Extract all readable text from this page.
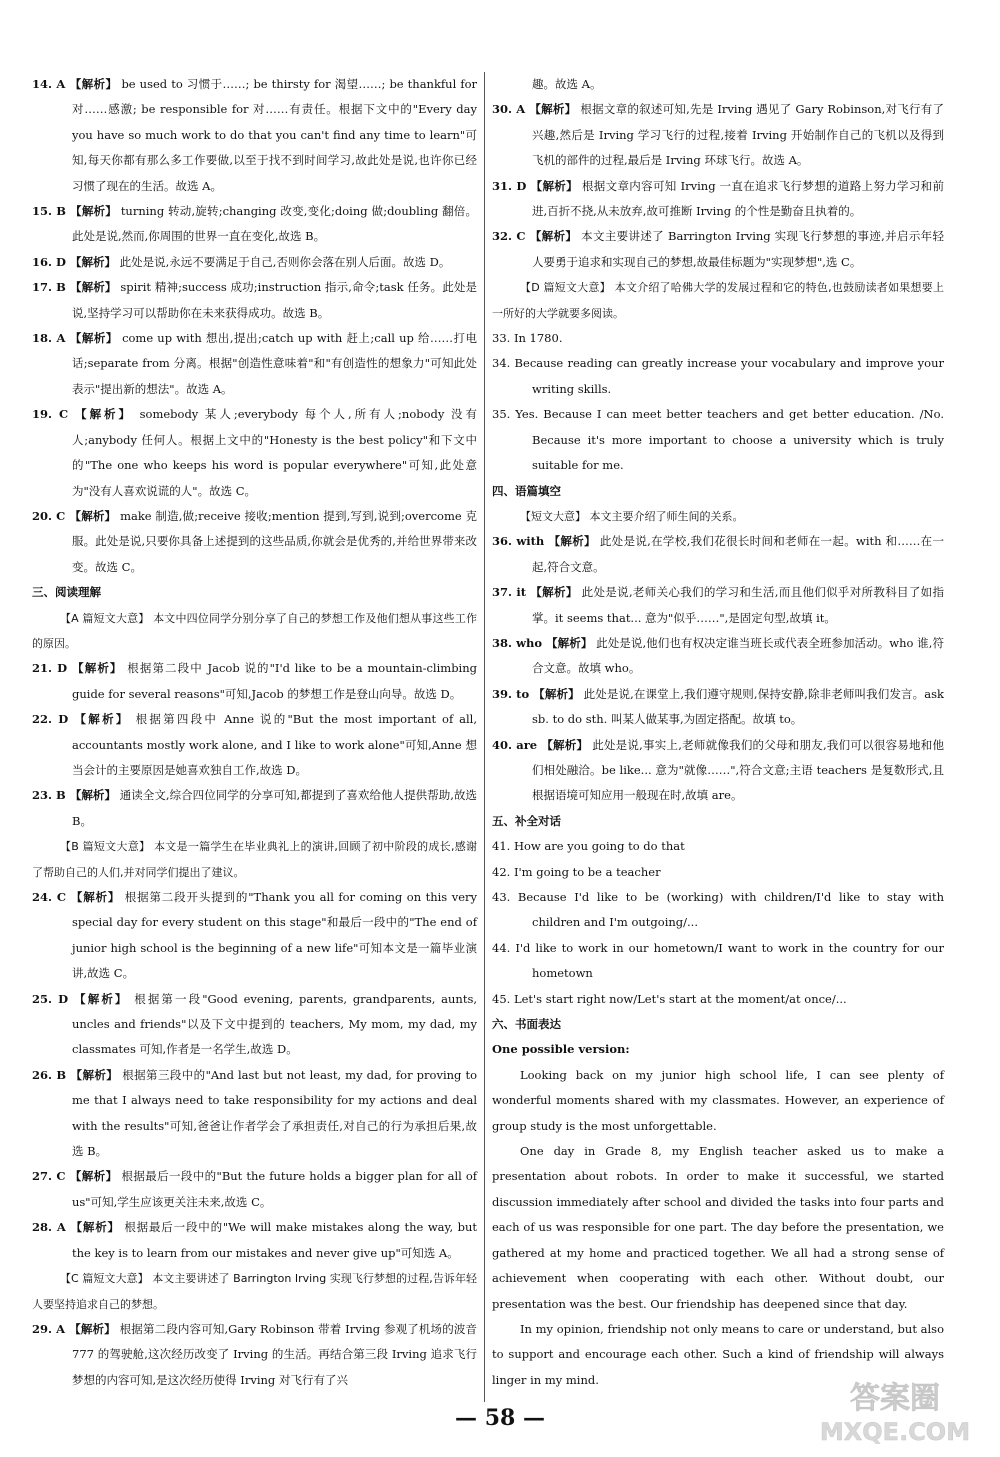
14. A 【解析】 be used to 习惯于……; be thirsty for 渴望……; be thankful for 对……感激; be responsible for 对……有责任。根据下文中的"Every day you have so much work to do that you can't find any time to learn"可知,每天你都有那么多工作要做,以至于找不到时间学习,故此处是说,也许你已经习惯了现在的生活。故选 A。

15. B 【解析】 turning 转动,旋转;changing 改变,变化;doing 做;doubling 翻倍。此处是说,然而,你周围的世界一直在变化,故选 B。

16. D 【解析】 此处是说,永远不要满足于自己,否则你会落在别人后面。故选 D。

17. B 【解析】 spirit 精神;success 成功;instruction 指示,命令;task 任务。此处是说,坚持学习可以帮助你在未来获得成功。故选 B。

18. A 【解析】 come up with 想出,提出;catch up with 赶上;call up 给……打电话;separate from 分离。根据"创造性意味着"和"有创造性的想象力"可知此处表示"提出新的想法"。故选 A。

19. C 【解析】 somebody 某人;everybody 每个人,所有人;nobody 没有人;anybody 任何人。根据上文中的"Honesty is the best policy"和下文中的"The one who keeps his word is popular everywhere"可知,此处意为"没有人喜欢说谎的人"。故选 C。

20. C 【解析】 make 制造,做;receive 接收;mention 提到,写到,说到;overcome 克服。此处是说,只要你具备上述提到的这些品质,你就会是优秀的,并给世界带来改变。故选 C。

三、阅读理解

【A 篇短文大意】 本文中四位同学分别分享了自己的梦想工作及他们想从事这些工作的原因。

21. D 【解析】 根据第二段中 Jacob 说的"I'd like to be a mountain-climbing guide for several reasons"可知,Jacob 的梦想工作是登山向导。故选 D。

22. D 【解析】 根据第四段中 Anne 说的"But the most important of all, accountants mostly work alone, and I like to work alone"可知,Anne 想当会计的主要原因是她喜欢独自工作,故选 D。

23. B 【解析】 通读全文,综合四位同学的分享可知,都提到了喜欢给他人提供帮助,故选 B。

【B 篇短文大意】 本文是一篇学生在毕业典礼上的演讲,回顾了初中阶段的成长,感谢了帮助自己的人们,并对同学们提出了建议。

24. C 【解析】 根据第二段开头提到的"Thank you all for coming on this very special day for every student on this stage"和最后一段中的"The end of junior high school is the beginning of a new life"可知本文是一篇毕业演讲,故选 C。

25. D 【解析】 根据第一段"Good evening, parents, grandparents, aunts, uncles and friends"以及下文中提到的 teachers, My mom, my dad, my classmates 可知,作者是一名学生,故选 D。

26. B 【解析】 根据第三段中的"And last but not least, my dad, for proving to me that I always need to take responsibility for my actions and deal with the results"可知,爸爸让作者学会了承担责任,对自己的行为承担后果,故选 B。

27. C 【解析】 根据最后一段中的"But the future holds a bigger plan for all of us"可知,学生应该更关注未来,故选 C。

28. A 【解析】 根据最后一段中的"We will make mistakes along the way, but the key is to learn from our mistakes and never give up"可知选 A。

【C 篇短文大意】 本文主要讲述了 Barrington Irving 实现飞行梦想的过程,告诉年轻人要坚持追求自己的梦想。

29. A 【解析】 根据第二段内容可知,Gary Robinson 带着 Irving 参观了机场的波音 777 的驾驶舱,这次经历改变了 Irving 的生活。再结合第三段 Irving 追求飞行梦想的内容可知,是这次经历使得 Irving 对飞行有了兴

趣。故选 A。

30. A 【解析】 根据文章的叙述可知,先是 Irving 遇见了 Gary Robinson,对飞行有了兴趣,然后是 Irving 学习飞行的过程,接着 Irving 开始制作自己的飞机以及得到飞机的部件的过程,最后是 Irving 环球飞行。故选 A。

31. D 【解析】 根据文章内容可知 Irving 一直在追求飞行梦想的道路上努力学习和前进,百折不挠,从未放弃,故可推断 Irving 的个性是勤奋且执着的。

32. C 【解析】 本文主要讲述了 Barrington Irving 实现飞行梦想的事迹,并启示年轻人要勇于追求和实现自己的梦想,故最佳标题为"实现梦想",选 C。

【D 篇短文大意】 本文介绍了哈佛大学的发展过程和它的特色,也鼓励读者如果想要上一所好的大学就要多阅读。

33. In 1780.

34. Because reading can greatly increase your vocabulary and improve your writing skills.

35. Yes. Because I can meet better teachers and get better education. /No. Because it's more important to choose a university which is truly suitable for me.

四、语篇填空

【短文大意】 本文主要介绍了师生间的关系。

36. with 【解析】 此处是说,在学校,我们花很长时间和老师在一起。with 和……在一起,符合文意。

37. it 【解析】 此处是说,老师关心我们的学习和生活,而且他们似乎对所教科目了如指掌。it seems that... 意为"似乎……",是固定句型,故填 it。

38. who 【解析】 此处是说,他们也有权决定谁当班长或代表全班参加活动。who 谁,符合文意。故填 who。

39. to 【解析】 此处是说,在课堂上,我们遵守规则,保持安静,除非老师叫我们发言。ask sb. to do sth. 叫某人做某事,为固定搭配。故填 to。

40. are 【解析】 此处是说,事实上,老师就像我们的父母和朋友,我们可以很容易地和他们相处融洽。be like... 意为"就像……",符合文意;主语 teachers 是复数形式,且根据语境可知应用一般现在时,故填 are。

五、补全对话

41. How are you going to do that

42. I'm going to be a teacher

43. Because I'd like to be (working) with children/I'd like to stay with children and I'm outgoing/...

44. I'd like to work in our hometown/I want to work in the country for our hometown

45. Let's start right now/Let's start at the moment/at once/...

六、书面表达

One possible version:

Looking back on my junior high school life, I can see plenty of wonderful moments shared with my classmates. However, an experience of group study is the most unforgettable.

One day in Grade 8, my English teacher asked us to make a presentation about robots. In order to make it successful, we started discussion immediately after school and divided the tasks into four parts and each of us was responsible for one part. The day before the presentation, we gathered at my home and practiced together. We all had a strong sense of achievement when cooperating with each other. Without doubt, our presentation was the best. Our friendship has deepened since that day.

In my opinion, friendship not only means to care or understand, but also to support and encourage each other. Such a kind of friendship will always linger in my mind.

— 58 —
答案圈
MXQE.COM
